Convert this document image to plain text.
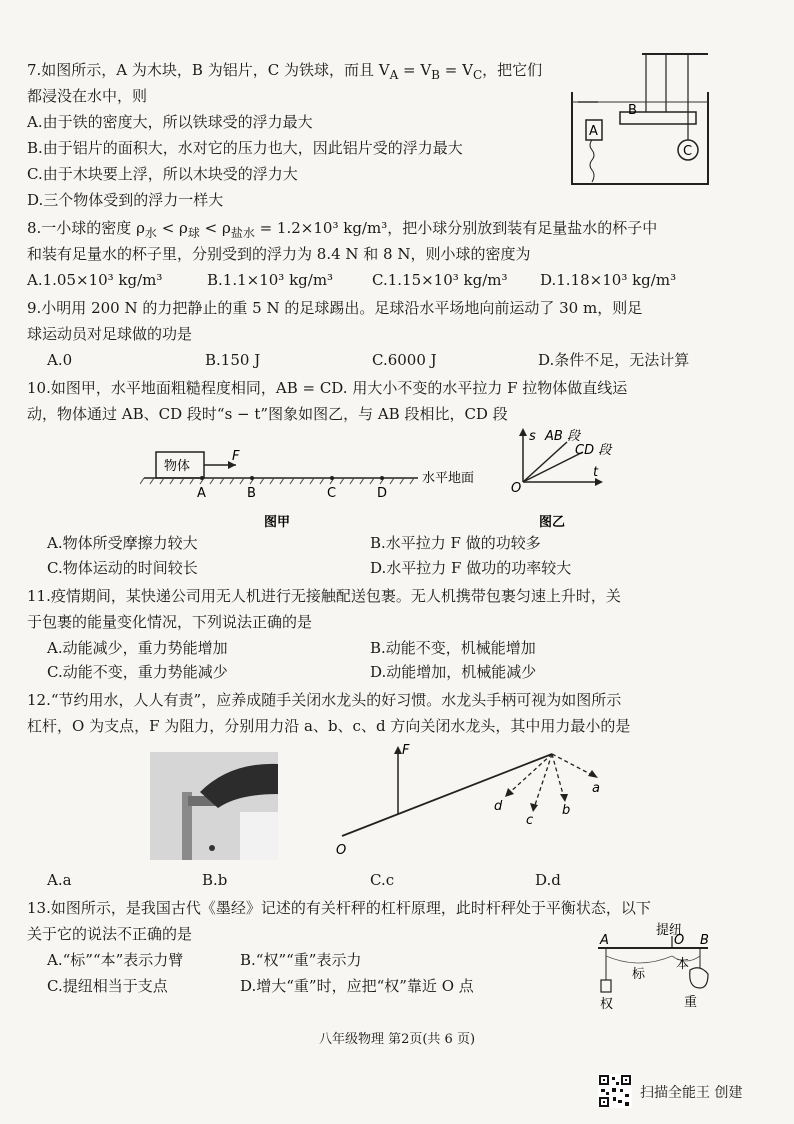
7.如图所示，A 为木块，B 为铝片，C 为铁球，而且 $V_A = V_B = V_C$，把它们
都浸没在水中，则
A.由于铁的密度大，所以铁球受的浮力最大
B.由于铝片的面积大，水对它的压力也大，因此铝片受的浮力最大
C.由于木块要上浮，所以木块受的浮力大
D.三个物体受到的浮力一样大
A
B
C
8.一小球的密度 $\rho_水 < \rho_球 < \rho_{盐水} = 1.2\times 10^3$ kg/m³，把小球分别放到装有足量盐水的杯子中
和装有足量水的杯子里，分别受到的浮力为 8.4 N 和 8 N，则小球的密度为
A.1.05×10³ kg/m³	B.1.1×10³ kg/m³	C.1.15×10³ kg/m³ D.1.18×10³ kg/m³
9.小明用 200 N 的力把静止的重 5 N 的足球踢出。足球沿水平场地向前运动了 30 m，则足
球运动员对足球做的功是
A.0	B.150 J	C.6000 J	D.条件不足，无法计算
10.如图甲，水平地面粗糙程度相同，AB = CD. 用大小不变的水平拉力 F 拉物体做直线运
动，物体通过 AB、CD 段时“s − t”图象如图乙，与 AB 段相比，CD 段
物体
F
A	B	C	D
水平地面
图甲
s
t
O
AB 段
CD 段
图乙
A.物体所受摩擦力较大	B.水平拉力 F 做的功较多
C.物体运动的时间较长	D.水平拉力 F 做功的功率较大
11.疫情期间，某快递公司用无人机进行无接触配送包裹。无人机携带包裹匀速上升时，关
于包裹的能量变化情况，下列说法正确的是
A.动能减少，重力势能增加	B.动能不变，机械能增加
C.动能不变，重力势能减少	D.动能增加，机械能减少
12.“节约用水，人人有责”，应养成随手关闭水龙头的好习惯。水龙头手柄可视为如图所示
杠杆，O 为支点，F 为阻力，分别用力沿 a、b、c、d 方向关闭水龙头，其中用力最小的是
F
O
a
b
c
d
A.a	B.b	C.c	D.d
13.如图所示，是我国古代《墨经》记述的有关杆秤的杠杆原理，此时杆秤处于平衡状态，以下
关于它的说法不正确的是
A.“标”“本”表示力臂	B.“权”“重”表示力
C.提纽相当于支点	D.增大“重”时，应把“权”靠近 O 点
提纽
A	O B
标
本
权	重
八年级物理 第2页(共 6 页)
扫描全能王 创建
